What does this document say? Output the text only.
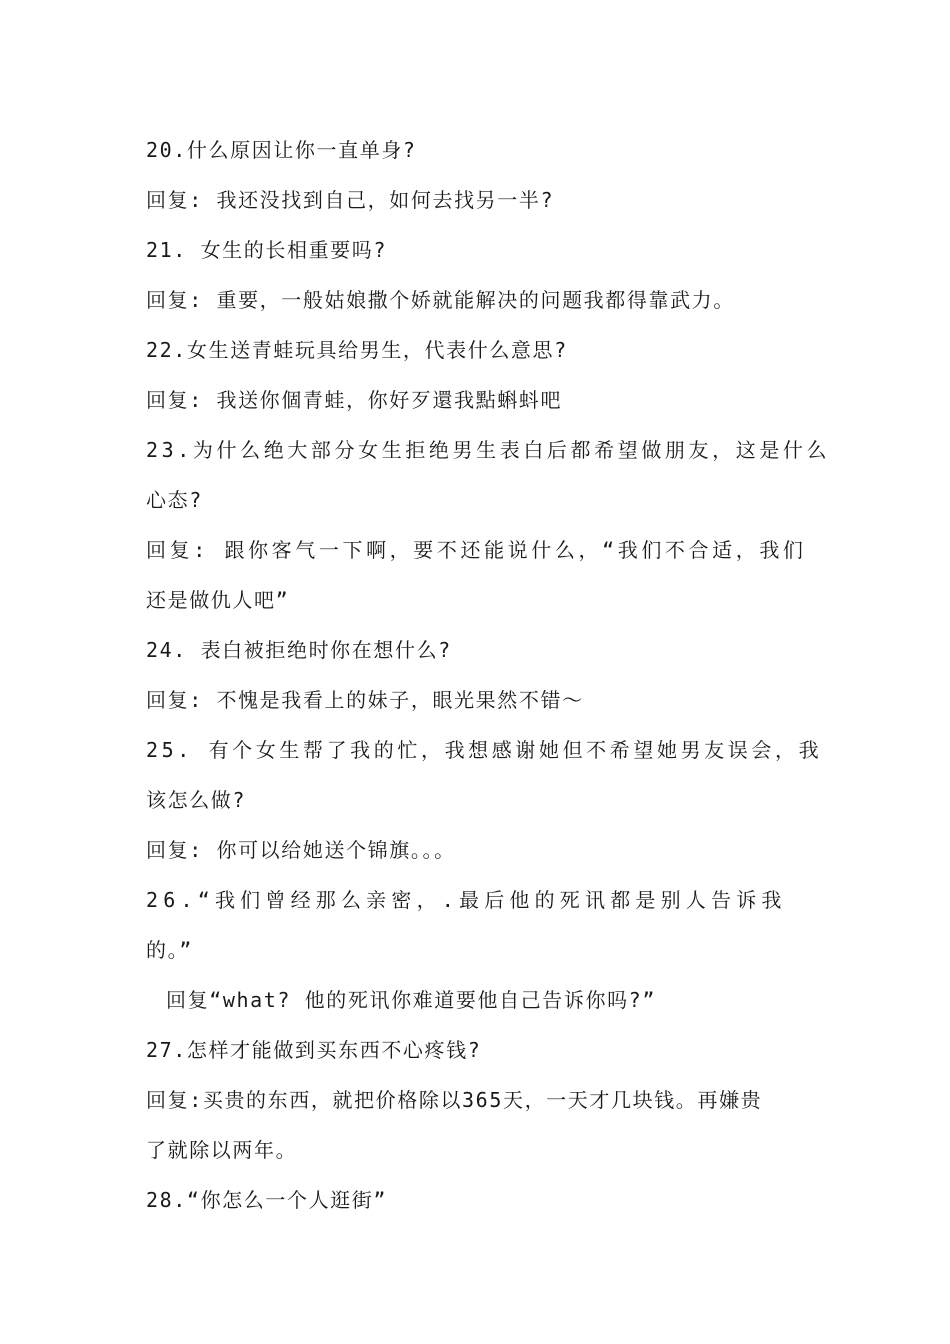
20.什么原因让你一直单身?
回复: 我还没找到自己，如何去找另一半?
21. 女生的长相重要吗?
回复: 重要，一般姑娘撒个娇就能解决的问题我都得靠武力。
22.女生送青蛙玩具给男生，代表什么意思?
回复: 我送你個青蛙，你好歹還我點蝌蚪吧
23.为什么绝大部分女生拒绝男生表白后都希望做朋友，这是什么
心态?
回复: 跟你客气一下啊，要不还能说什么，“我们不合适，我们
还是做仇人吧”
24. 表白被拒绝时你在想什么?
回复: 不愧是我看上的妹子，眼光果然不错～
25. 有个女生帮了我的忙，我想感谢她但不希望她男友误会，我
该怎么做?
回复: 你可以给她送个锦旗。。。
26.“我们曾经那么亲密，.最后他的死讯都是别人告诉我
的。”
回复“what? 他的死讯你难道要他自己告诉你吗?”
27.怎样才能做到买东西不心疼钱?
回复:买贵的东西，就把价格除以365天，一天才几块钱。再嫌贵
了就除以两年。
28.“你怎么一个人逛街”
